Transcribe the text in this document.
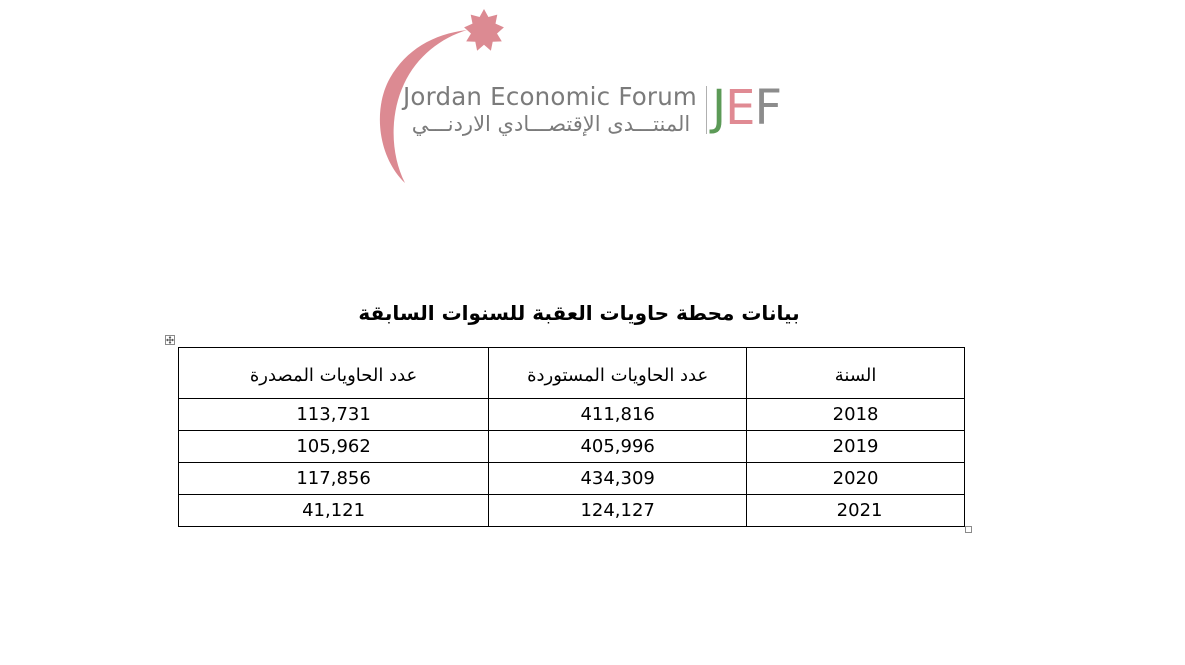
Jordan Economic Forum
المنتـــدى الإقتصـــادي الاردنـــي JEF
بيانات محطة حاويات العقبة للسنوات السابقة
عدد الحاويات المصدرة	عدد الحاويات المستوردة	السنة
113,731	411,816	2018
105,962	405,996	2019
117,856	434,309	2020
41,121	124,127	2021
